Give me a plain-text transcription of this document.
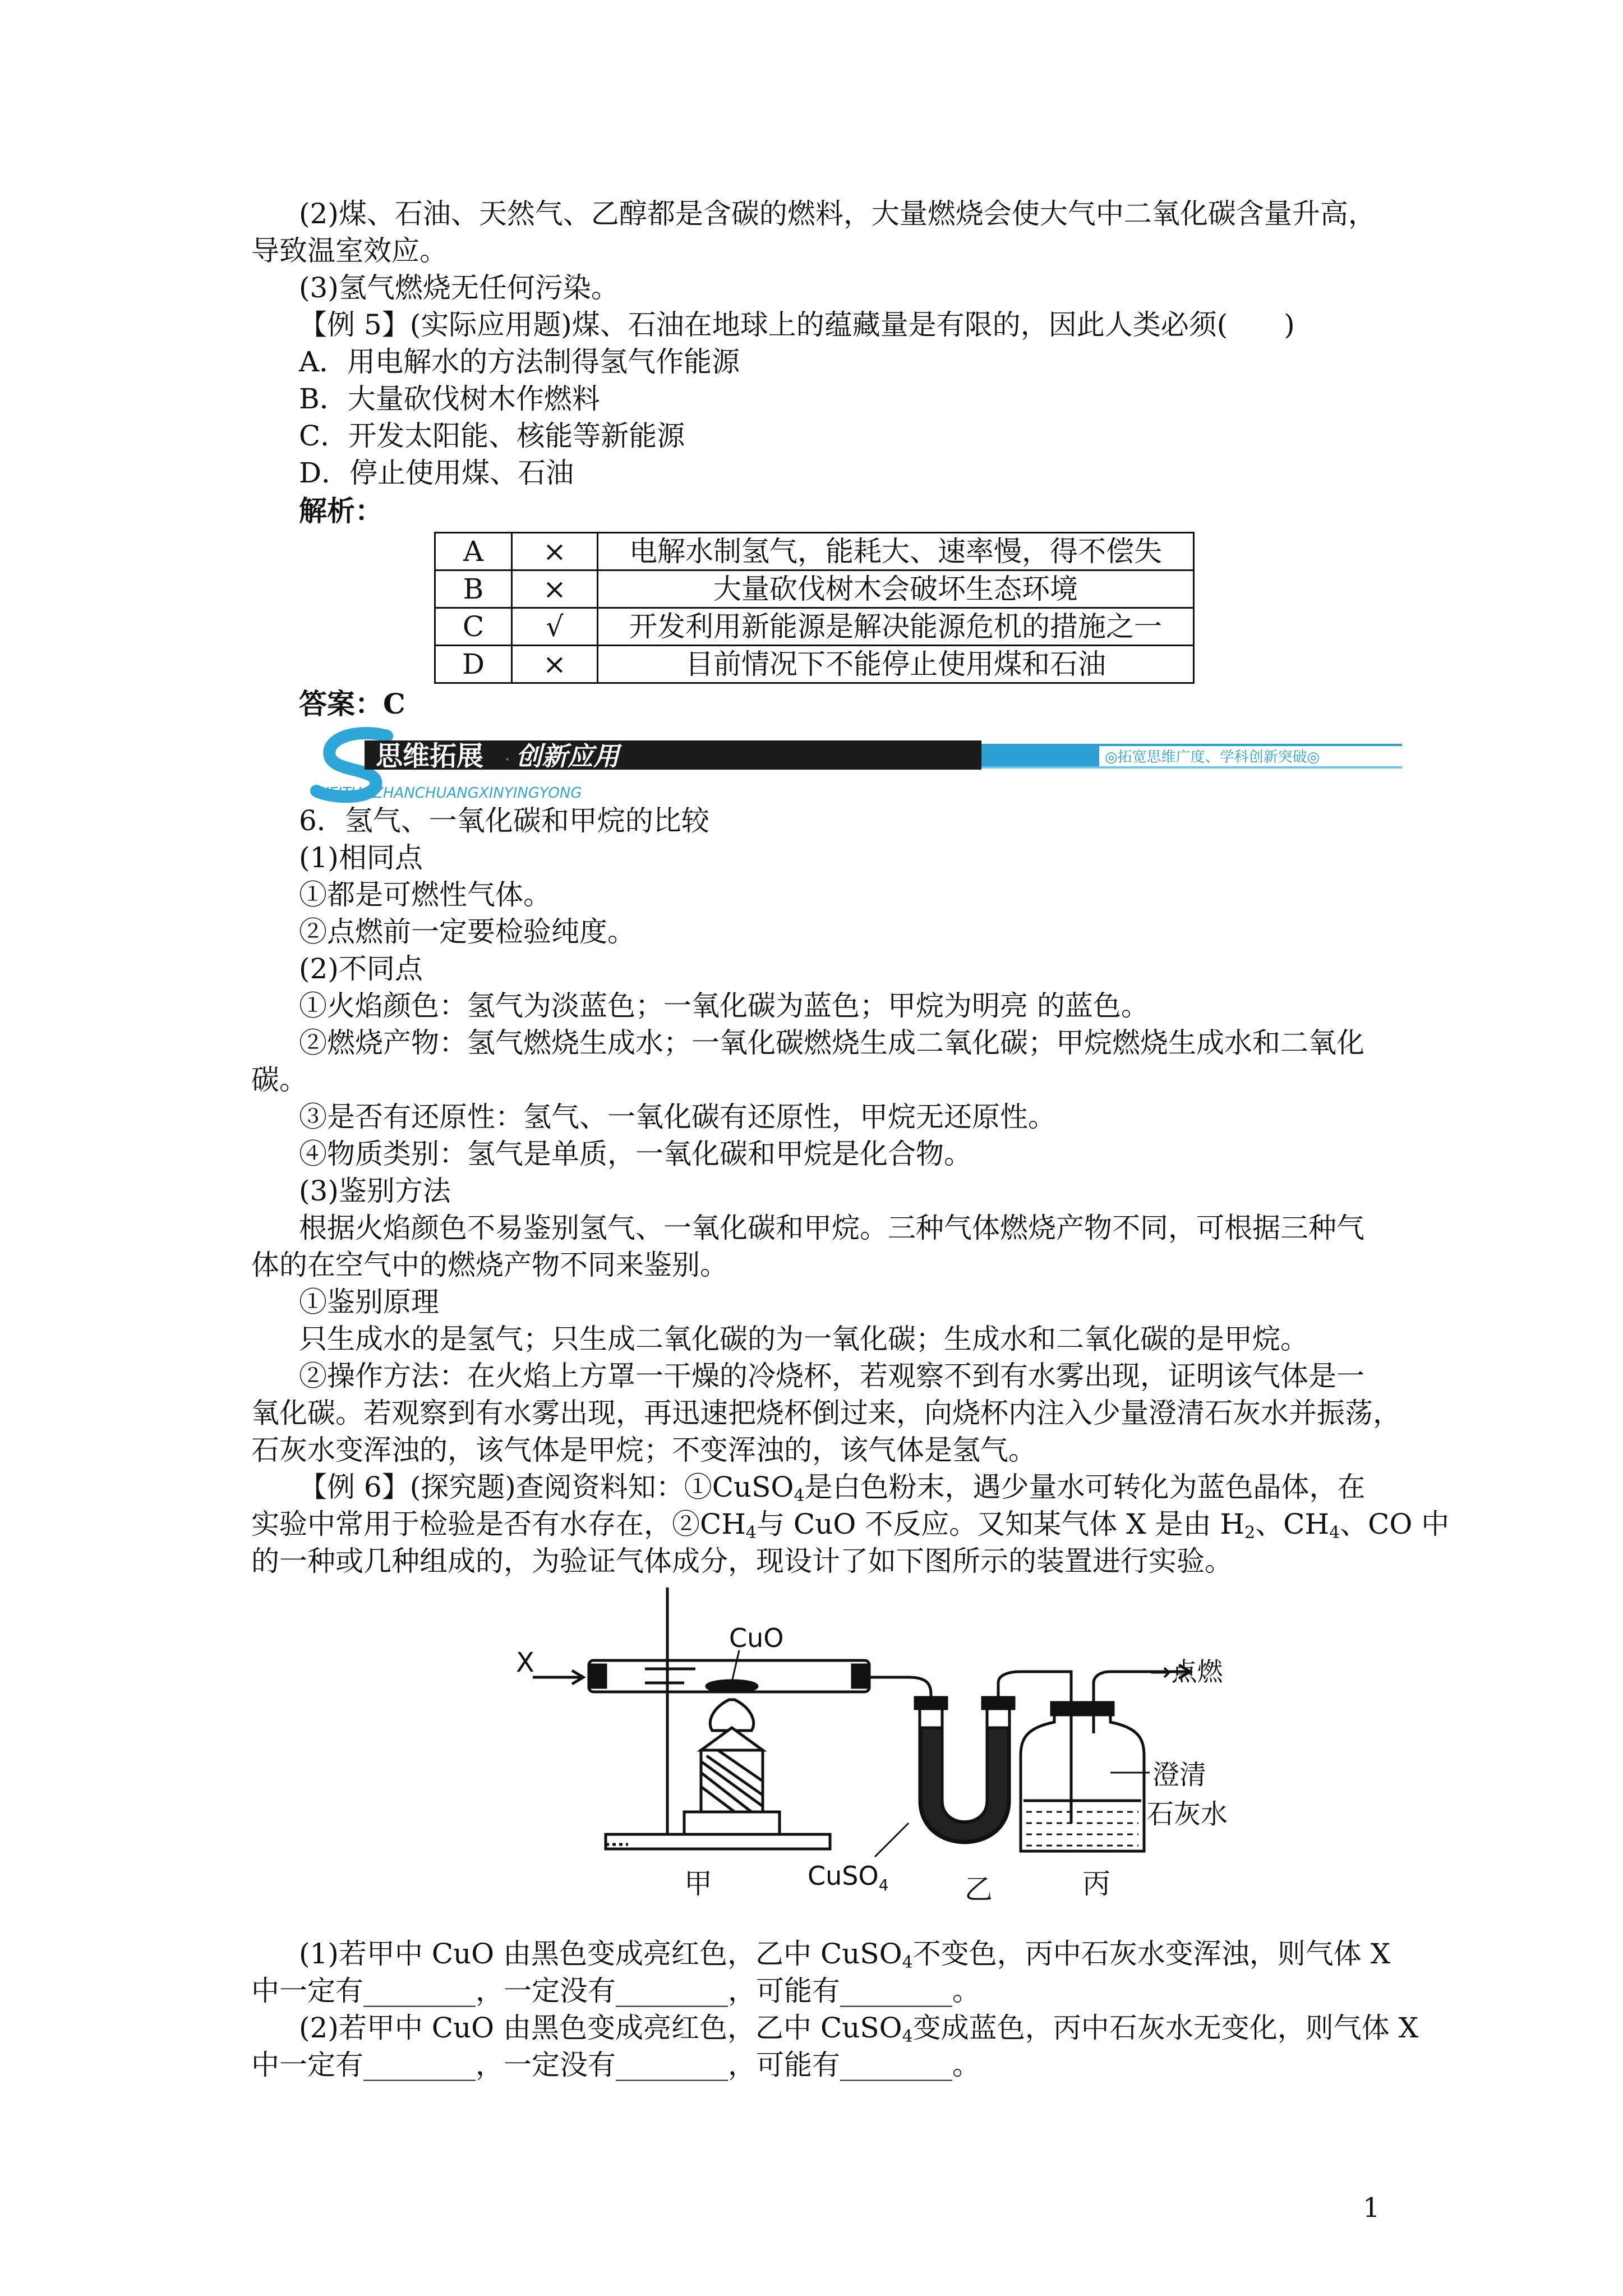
(2)煤、石油、天然气、乙醇都是含碳的燃料，大量燃烧会使大气中二氧化碳含量升高，

导致温室效应。

(3)氢气燃烧无任何污染。

【例 5】(实际应用题)煤、石油在地球上的蕴藏量是有限的，因此人类必须(　　)

A．用电解水的方法制得氢气作能源

B．大量砍伐树木作燃料

C．开发太阳能、核能等新能源

D．停止使用煤、石油

解析：

A	×	电解水制氢气，能耗大、速率慢，得不偿失
B	×	大量砍伐树木会破坏生态环境
C	√	开发利用新能源是解决能源危机的措施之一
D	×	目前情况下不能停止使用煤和石油

答案：C

思维拓展 · 创新应用
WEITUOZHANCHUANGXINYINGYONG
◎拓宽思维广度、学科创新突破◎

6．氢气、一氧化碳和甲烷的比较

(1)相同点

①都是可燃性气体。

②点燃前一定要检验纯度。

(2)不同点

①火焰颜色：氢气为淡蓝色；一氧化碳为蓝色；甲烷为明亮 的蓝色。

②燃烧产物：氢气燃烧生成水；一氧化碳燃烧生成二氧化碳；甲烷燃烧生成水和二氧化

碳。

③是否有还原性：氢气、一氧化碳有还原性，甲烷无还原性。

④物质类别：氢气是单质，一氧化碳和甲烷是化合物。

(3)鉴别方法

根据火焰颜色不易鉴别氢气、一氧化碳和甲烷。三种气体燃烧产物不同，可根据三种气

体的在空气中的燃烧产物不同来鉴别。

①鉴别原理

只生成水的是氢气；只生成二氧化碳的为一氧化碳；生成水和二氧化碳的是甲烷。

②操作方法：在火焰上方罩一干燥的冷烧杯，若观察不到有水雾出现，证明该气体是一

氧化碳。若观察到有水雾出现，再迅速把烧杯倒过来，向烧杯内注入少量澄清石灰水并振荡，

石灰水变浑浊的，该气体是甲烷；不变浑浊的，该气体是氢气。

【例 6】(探究题)查阅资料知：①CuSO$_4$是白色粉末，遇少量水可转化为蓝色晶体，在

实验中常用于检验是否有水存在，$②CH_4$与 CuO 不反应。又知某气体 X 是由 $H_2$、$CH_4$、CO 中

的一种或几种组成的，为验证气体成分，现设计了如下图所示的装置进行实验。

X
CuO
→点燃
澄清
石灰水
CuSO$_4$
甲	乙	丙

(1)若甲中 CuO 由黑色变成亮红色，乙中 CuSO$_4$不变色，丙中石灰水变浑浊，则气体 X

中一定有________，一定没有________，可能有________。

(2)若甲中 CuO 由黑色变成亮红色，乙中 CuSO$_4$变成蓝色，丙中石灰水无变化，则气体 X

中一定有________，一定没有________，可能有________。

1
